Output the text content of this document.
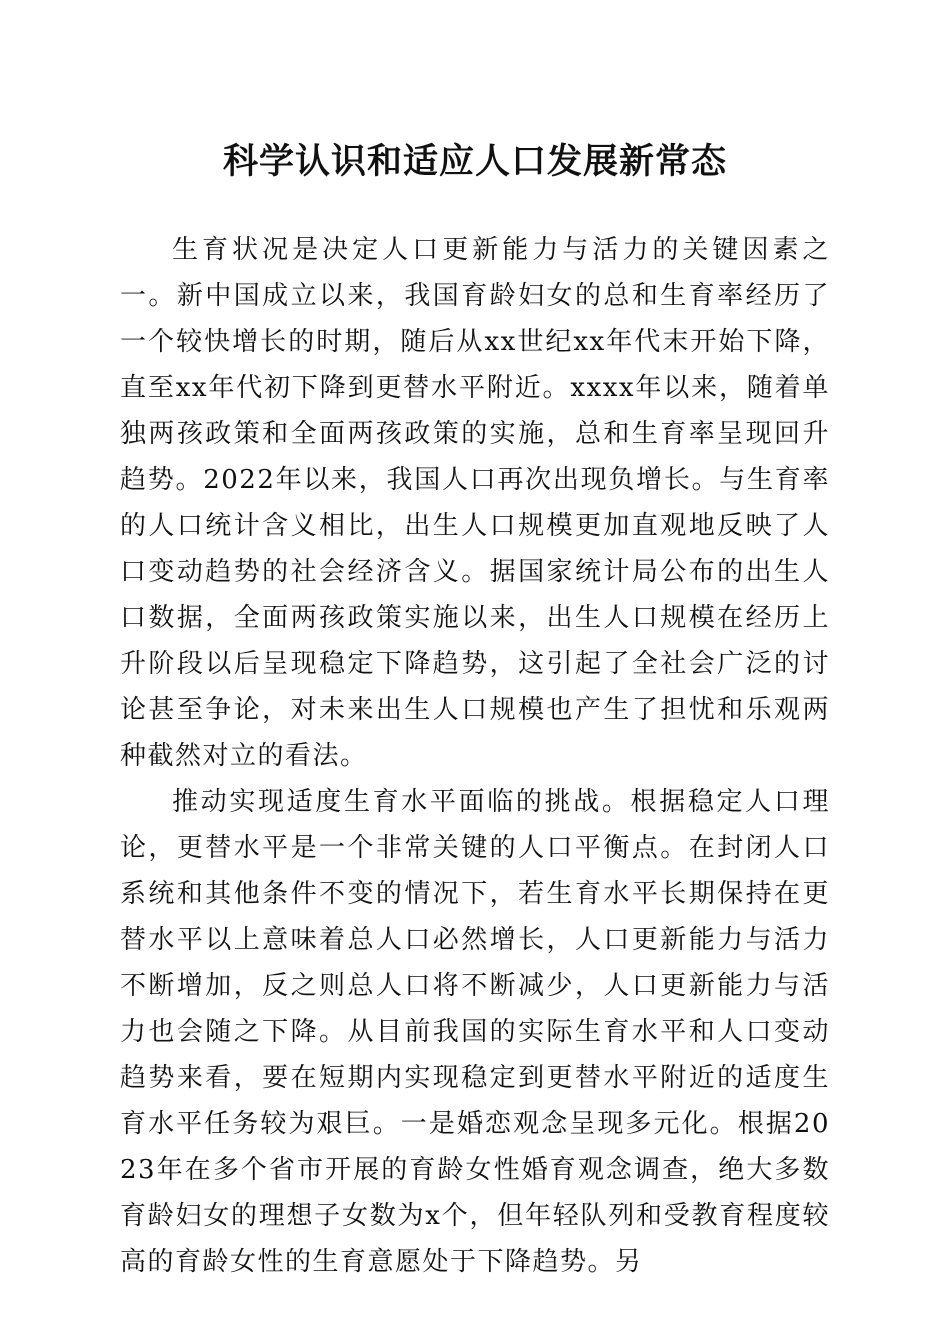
科学认识和适应人口发展新常态

生育状况是决定人口更新能力与活力的关键因素之一。新中国成立以来，我国育龄妇女的总和生育率经历了一个较快增长的时期，随后从xx世纪xx年代末开始下降，直至xx年代初下降到更替水平附近。xxxx年以来，随着单独两孩政策和全面两孩政策的实施，总和生育率呈现回升趋势。2022年以来，我国人口再次出现负增长。与生育率的人口统计含义相比，出生人口规模更加直观地反映了人口变动趋势的社会经济含义。据国家统计局公布的出生人口数据，全面两孩政策实施以来，出生人口规模在经历上升阶段以后呈现稳定下降趋势，这引起了全社会广泛的讨论甚至争论，对未来出生人口规模也产生了担忧和乐观两种截然对立的看法。

推动实现适度生育水平面临的挑战。根据稳定人口理论，更替水平是一个非常关键的人口平衡点。在封闭人口系统和其他条件不变的情况下，若生育水平长期保持在更替水平以上意味着总人口必然增长，人口更新能力与活力不断增加，反之则总人口将不断减少，人口更新能力与活力也会随之下降。从目前我国的实际生育水平和人口变动趋势来看，要在短期内实现稳定到更替水平附近的适度生育水平任务较为艰巨。一是婚恋观念呈现多元化。根据2023年在多个省市开展的育龄女性婚育观念调查，绝大多数育龄妇女的理想子女数为x个，但年轻队列和受教育程度较高的育龄女性的生育意愿处于下降趋势。另
